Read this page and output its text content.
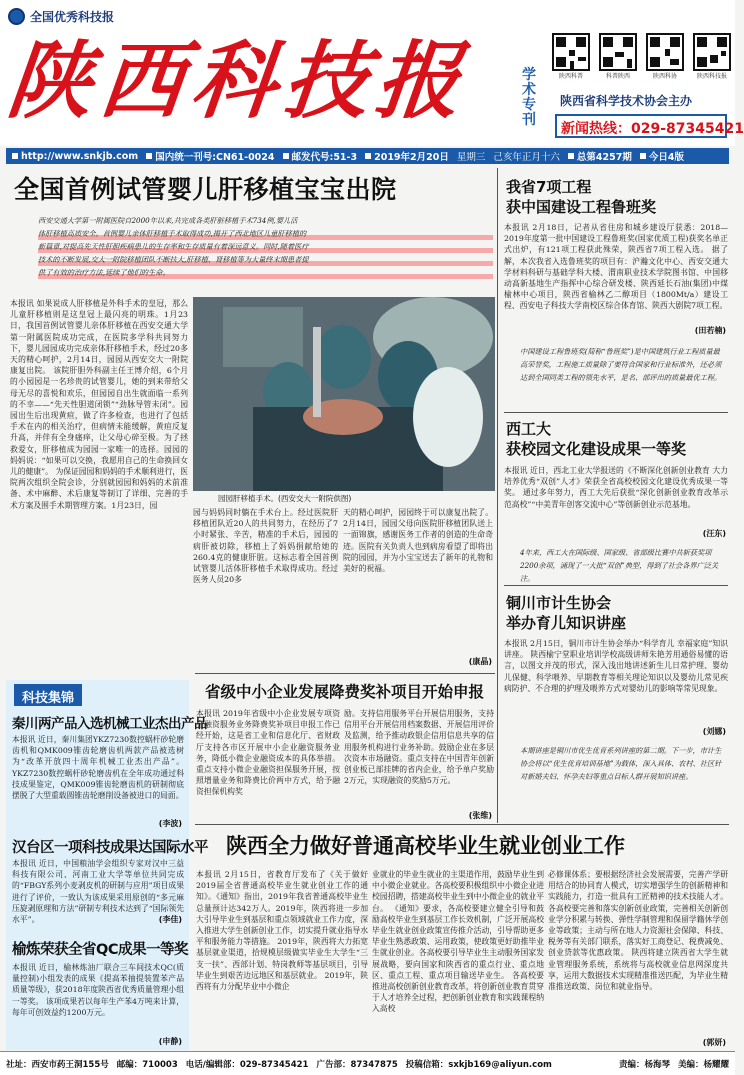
全国优秀科技报
陕西科技报	学术专刊
陕西科普	科普陕西	陕西科协	陕西科技报
陕西省科学技术协会主办
新闻热线：029-87345421
http://www.snkjb.com 国内统一刊号:CN61-0024 邮发代号:51-3 2019年2月20日 星期三 己亥年正月十六 总第4257期 今日4版
全国首例试管婴儿肝移植宝宝出院
西安交通大学第一附属医院自2000年以来,共完成各类肝脏移植手术734例,婴儿活
体肝移植高质安全。首例婴儿亲体肝移植手术取得成功,揭开了西北地区儿童肝移植的
新篇章,对提高先天性肝胆疾病患儿的生存率和生存质量有着深远意义。同时,随着医疗
技术的不断发展,交大一附院移植团队不断扶大,肝移植、肾移植等为大量终末期患者提
供了有效的治疗方法,延续了他们的生命。
本报讯 如果说成人肝移植是外科手术的皇冠，那么儿童肝移植则是这皇冠上最闪亮的明珠。1月23日，我国首例试管婴儿亲体肝移植在西安交通大学第一附属医院成功完成，在医院多学科共同努力下，婴儿园园成功完成亲体肝移植手术，经过20多天的精心呵护，2月14日，园园从西安交大一附院康复出院。 该院肝胆外科副主任王博介绍，6个月的小园园是一名珍贵的试管婴儿，她的到来带给父母无尽的喜悦和欢乐，但园园自出生就面临一系列的不幸——“先天性胆道闭锁”“劲脉导管未闭”。园园出生后出现黄疸，做了许多检查，也进行了包括手术在内的相关治疗，但病情未能缓解，黄疸反复升高，并伴有全身瘙痒，让父母心碎至极。为了拯救爱女，肝移植成为园园一家唯一的选择。园园的妈妈说：“如果可以交换，我愿用自己的生命换回女儿的健康”。 为保证园园和妈妈的手术顺利进行，医院两次组织全院会诊，分别就园园和妈妈的术前准备、术中麻醉、术后康复等制订了详细、完善的手术方案及围手术期管理方案。1月23日，园
园园肝移植手术。(西安交大一附院供图)
园与妈妈同时躺在手术台上。经过医院肝移植团队近20人的共同努力，在经历了7小时紧张、辛苦，精准的手术后，园园的病肝被切除，移植上了妈妈捐献给她的260.4克的健康肝脏。这标志着全国首例试管婴儿活体肝移植手术取得成功。经过医务人员20多
天的精心呵护，园园终于可以康复出院了。2月14日，园园父母向医院肝移植团队送上一面锦旗，感谢医务工作者的创造的生命奇迹。医院有关负责人也到病房看望了即将出院的园园，并为小宝宝送去了新年的礼物和美好的祝福。
(康晶)
科技集锦
秦川两产品入选机械工业杰出产品
本报讯 近日，秦川集团YKZ7230数控蜗杆砂轮磨齿机和QMK009锥齿轮磨齿机两款产品被选树为“改革开放四十周年机械工业杰出产品”。 YKZ7230数控蜗杆砂轮磨齿机在全年成功通过科技成果鉴定，QMK009锥齿轮磨齿机的研制彻底摆脱了大型重载圆锥齿轮磨削设备被进口的局面。
(李波)
汉台区一项科技成果达国际水平
本报讯 近日，中国粮油学会组织专家对汉中三益科技有限公司、河南工业大学等单位共同完成的“FBGY系列小麦剥皮机的研制与应用”项目成果进行了评价，一致认为该成果采用原创的“多元麻压旋剥原理和方法”研制专利技术达到了“国际领先水平”。	(李佳)
榆炼荣获全省QC成果一等奖
本报讯 近日，榆林炼油厂联合三车间技术QC(质量控制)小组发表的成果《提高苯抽提装置苯产品质量等级》，获2018年度陕西省优秀质量管理小组一等奖。 该项成果若以每年生产苯4万吨来计算，每年可创效益约1200万元。
(申静)
省级中小企业发展降费奖补项目开始申报
本报讯 2019年省级中小企业发展专项资金融资服务业务降费奖补项目申报工作已经开始，这是省工业和信息化厅、省财政厅支持各市区开展中小企业融资服务业务，降低小微企业融资成本的具体举措。 重点支持小微企业融资担保服务开展，按照增量业务和降费比价两中方式，给予融资担保机构奖
励。支持信用服务平台开展信用服务，支持信用平台开展信用档案数据、开展信用评价及监测，给予推动政银企信用信息共享的信用服务机构进行业务补助。鼓励企业在多层次资本市场融资。重点支持在中国青年创新创业板已部挂牌的省内企业，给予单户奖励2万元，实现融资的奖励5万元。
(张维)
陕西全力做好普通高校毕业生就业创业工作
本报讯 2月15日，省教育厅发布了《关于做好2019届全省普通高校毕业生就业创业工作的通知》。《通知》指出，2019年我省普通高校毕业生总量预计达342万人。2019年，陕西将进一步加大引导毕业生到基层和重点领域就业工作力度，深入推进大学生创新创业工作，切实提升就业指导水平和服务能力等措施。 2019年，陕西将大力拓宽基层就业渠道，拾规模层级做实毕业生大学生“三支一扶”、西部计划、特岗教师等基层项目，引导毕业生到艰苦边远地区和基层就业。 2019年，陕西将有力分配毕业中小微企
业就业的毕业生就业的主渠道作用，鼓励毕业生到中小微企业就业。各高校要积极组织中小微企业进校园招聘，搭建高校毕业生到中小微企业的就业平台。 《通知》要求，各高校要建立健全引导和鼓励高校毕业生到基层工作长效机制，广泛开展高校毕业生就业创业政策宣传推介活动，引导帮助更多毕业生熟悉政策、运用政策，使政策更好助推毕业生就业创业。各高校要引导毕业生主动服务国家发展战略，要向国家和陕西省的重点行业、重点地区、重点工程、重点项目输送毕业生。 各高校要推进高校创新创业教育改革，将创新创业教育贯穿于人才培养全过程，把创新创业教育和实践课程纳入高校
必修课体系；要根据经济社会发展需要，完善产学研用结合的协同育人模式，切实增强学生的创新精神和实践能力，打造一批具有工匠精神的技术技能人才。 各高校要完善和落实创新创业政策，完善相关创新创业学分积累与转换、弹性学制管理和保留学籍休学创业等政策；主动与所在地人力资源社会保障、科技、税务等有关部门联系，落实好工商登记、税费减免、创业贷款等优惠政策。 陕西将建立陕西省大学生就业管理服务系统，系统将与高校就业信息网深度共享，运用大数据技术实现精准推送匹配，为毕业生精准推送政策、岗位和就业指导。
(郭妍)
我省7项工程
获中国建设工程鲁班奖
本报讯 2月18日，记者从省住房和城乡建设厅获悉：2018—2019年度第一批中国建设工程鲁班奖(国家优质工程)获奖名单正式出炉，有121项工程获此殊荣，陕西省7项工程入选。 据了解，本次我省入选鲁班奖的项目有：沪瀚文化中心、西安交通大学材料科研与基础学科大楼、渭南职业技术学院图书馆、中国移动高新基地生产指挥中心综合研发楼、陕西延长石油(集团)中煤榆林中心项目，陕西省榆林乙二醇项目（1800Mt/a）建设工程、西安电子科技大学南校区综合体育馆、陕西大剧院7项工程。
(田若楠)
中国建设工程鲁班奖(简称“鲁班奖”)是中国建筑行业工程质量最高荣誉奖，工程施工质量除了要符合国家和行业标准外，还必须达到全国同类工程的领先水平，是名、部评出的质量最优工程。
西工大
获校园文化建设成果一等奖
本报讯 近日，西北工业大学报送的《不断深化创新创业教育 大力培养优秀“双创”人才》荣获全省高校校园文化建设优秀成果一等奖。 通过多年努力，西工大先后获批“深化创新创业教育改革示范高校”“中美青年创客交流中心”等创新创业示范基地。
(汪东)
4年来，西工大在国际级、国家级、省部级比赛中共斩获奖项2200余项，涌现了一大批“双创”典型，得到了社会各界广泛关注。
铜川市计生协会
举办育儿知识讲座
本报讯 2月15日，铜川市计生协会举办“科学育儿 幸福家庭”知识讲座。 陕西榆宁堂职业培训学校高级讲师朱艳芳用通俗易懂的语言，以图文并茂的形式，深入浅出地讲述新生儿日常护理、婴幼儿保健、科学喂养、早期教育等相关理论知识以及婴幼儿常见疾病防护、不合理的护理及喂养方式对婴幼儿的影响等常见现象。
(刘娜)
本期讲座是铜川市优生优育系列讲座的第二期。下一步，市计生协会将以“优生优育培训基地”为载体，深入具体、农村、社区针对新婚夫妇、怀孕夫妇等重点目标人群开展知识讲座。
社址：西安市药王洞155号 邮编：710003 电话/编辑部：029-87345421 广告部：87347875 投稿信箱：sxkjb169@aliyun.com	责编：杨海琴 美编：杨耀耀
